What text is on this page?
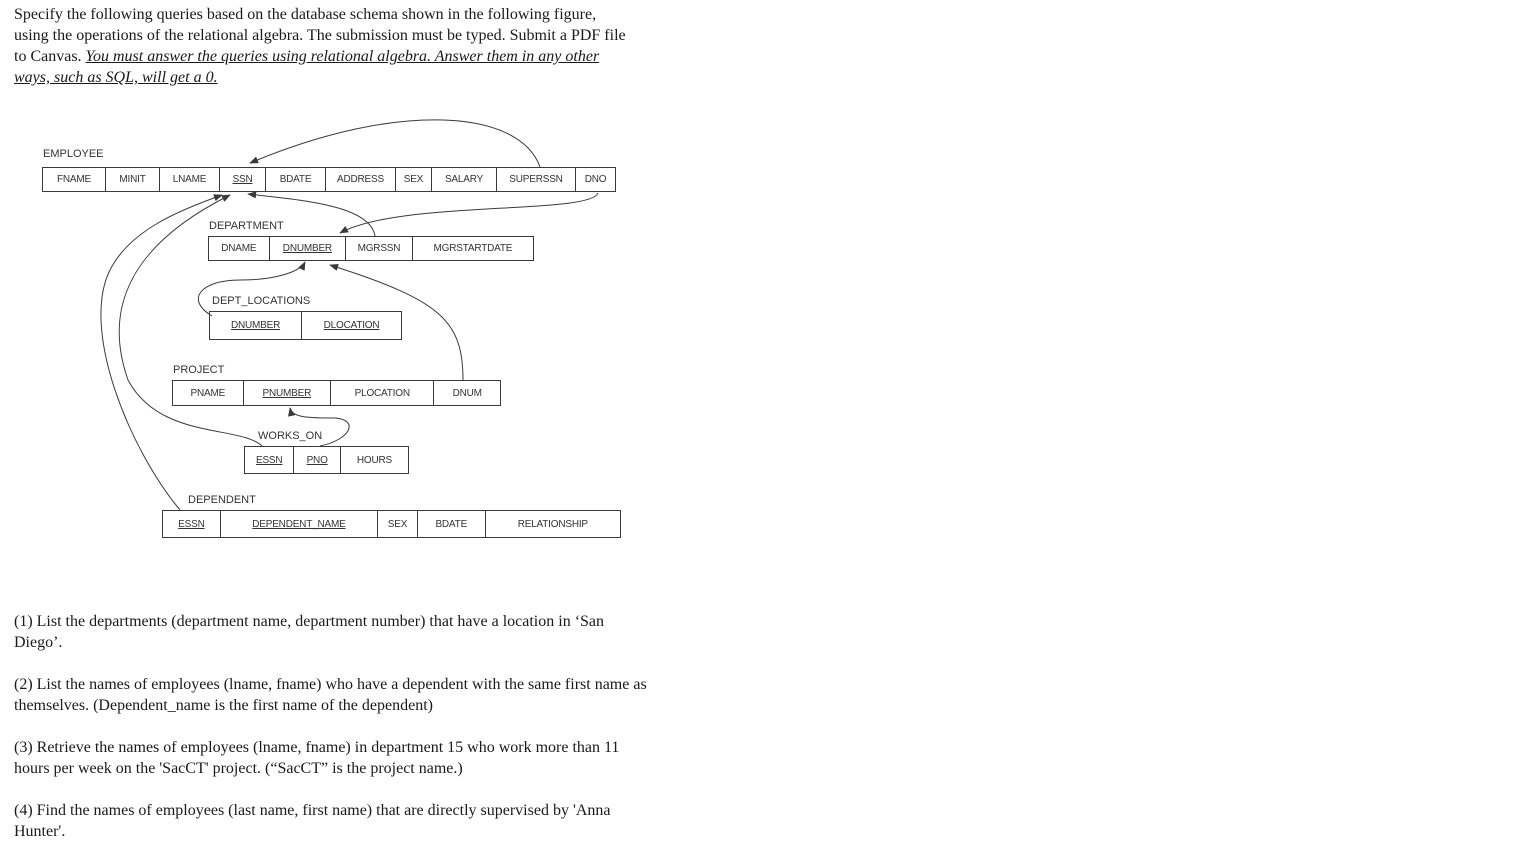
Specify the following queries based on the database schema shown in the following figure, using the operations of the relational algebra. The submission must be typed. Submit a PDF file to Canvas. You must answer the queries using relational algebra. Answer them in any other ways, such as SQL, will get a 0.

EMPLOYEE
FNAME	MINIT	LNAME	SSN	BDATE	ADDRESS	SEX	SALARY	SUPERSSN	DNO
DEPARTMENT
DNAME	DNUMBER	MGRSSN	MGRSTARTDATE
DEPT_LOCATIONS
DNUMBER	DLOCATION
PROJECT
PNAME	PNUMBER	PLOCATION	DNUM
WORKS_ON
ESSN	PNO	HOURS
DEPENDENT
ESSN	DEPENDENT_NAME	SEX	BDATE	RELATIONSHIP

(1) List the departments (department name, department number) that have a location in ‘San Diego’.

(2) List the names of employees (lname, fname) who have a dependent with the same first name as themselves. (Dependent_name is the first name of the dependent)

(3) Retrieve the names of employees (lname, fname) in department 15 who work more than 11 hours per week on the 'SacCT' project. (“SacCT” is the project name.)

(4) Find the names of employees (last name, first name) that are directly supervised by 'Anna Hunter'.
